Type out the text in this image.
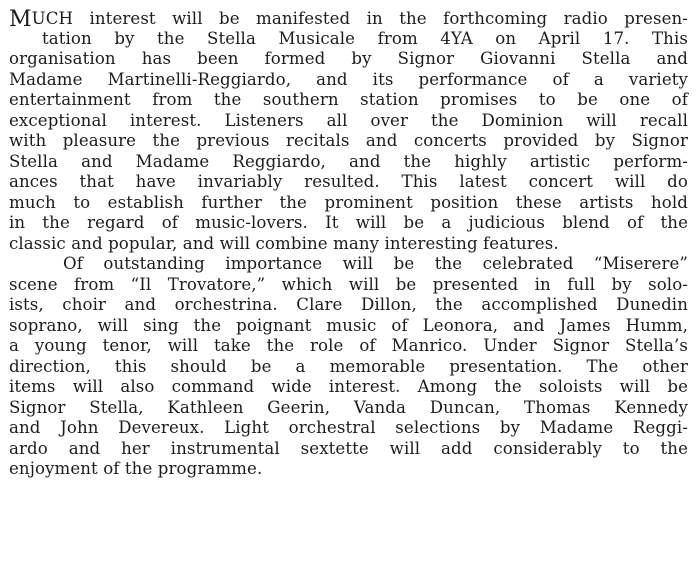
MUCH interest will be manifested in the forthcoming radio presen-
tation by the Stella Musicale from 4YA on April 17. This
organisation has been formed by Signor Giovanni Stella and
Madame Martinelli-Reggiardo, and its performance of a variety
entertainment from the southern station promises to be one of
exceptional interest. Listeners all over the Dominion will recall
with pleasure the previous recitals and concerts provided by Signor
Stella and Madame Reggiardo, and the highly artistic perform-
ances that have invariably resulted. This latest concert will do
much to establish further the prominent position these artists hold
in the regard of music-lovers. It will be a judicious blend of the
classic and popular, and will combine many interesting features.

Of outstanding importance will be the celebrated “Miserere”
scene from “Il Trovatore,” which will be presented in full by solo-
ists, choir and orchestrina. Clare Dillon, the accomplished Dunedin
soprano, will sing the poignant music of Leonora, and James Humm,
a young tenor, will take the role of Manrico. Under Signor Stella’s
direction, this should be a memorable presentation. The other
items will also command wide interest. Among the soloists will be
Signor Stella, Kathleen Geerin, Vanda Duncan, Thomas Kennedy
and John Devereux. Light orchestral selections by Madame Reggi-
ardo and her instrumental sextette will add considerably to the
enjoyment of the programme.
